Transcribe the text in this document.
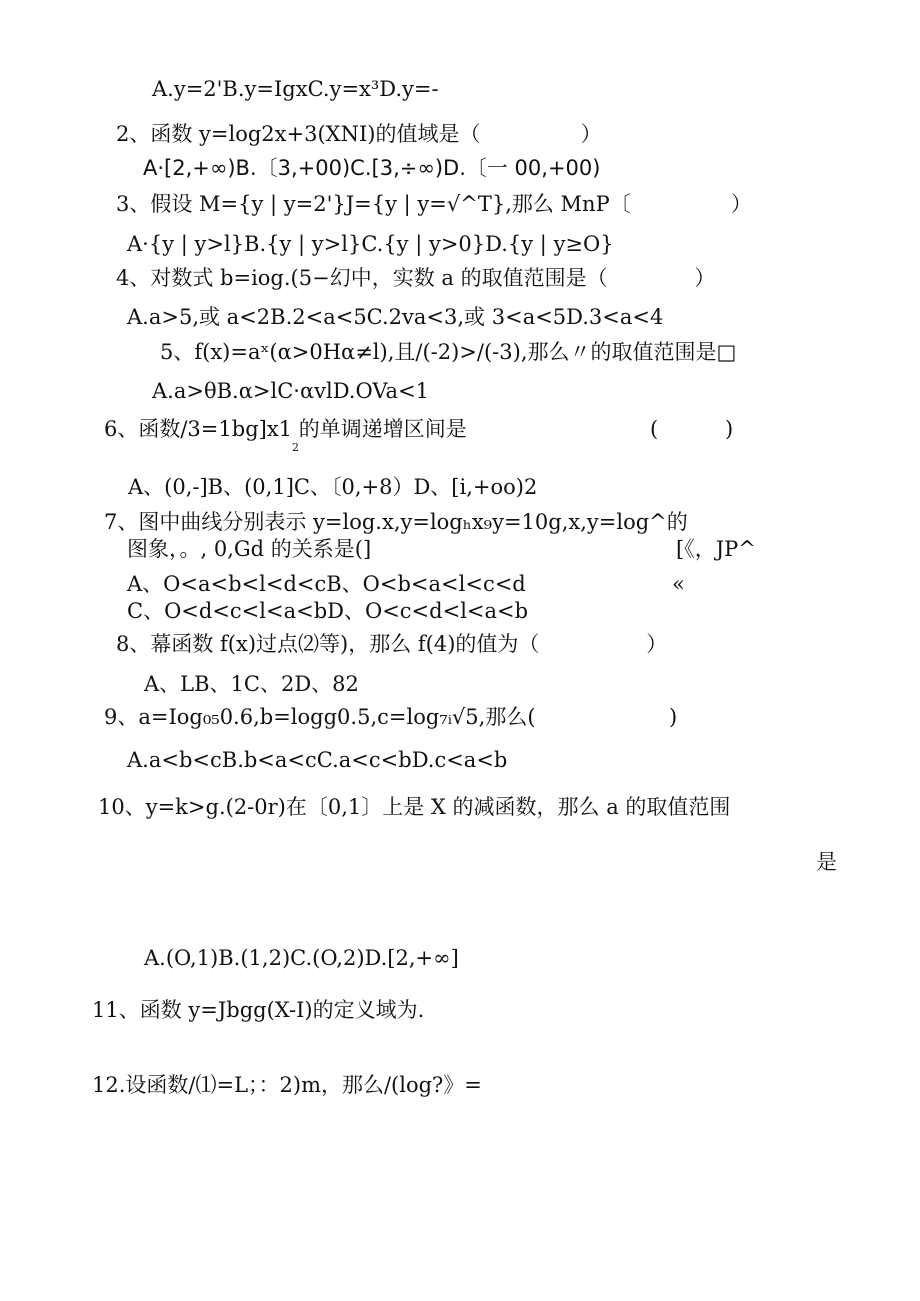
A.y=2'B.y=IgxC.y=x³D.y=-
2、函数 y=log2x+3(XNI)的值域是（               ）
A·[2,+∞)B.〔3,+00)C.[3,÷∞)D.〔一 00,+00)
3、假设 M={y | y=2'}J={y | y=√^T},那么 MnP〔               ）
A·{y | y>l}B.{y | y>l}C.{y | y>0}D.{y | y≥O}
4、对数式 b=iog.(5−幻中，实数 a 的取值范围是（             ）
A.a>5,或 a<2B.2<a<5C.2va<3,或 3<a<5D.3<a<4
5、f(x)=aˣ(α>0Hα≠l),且/(-2)>/(-3),那么〃的取值范围是□
A.a>θB.α>lC·αvlD.OVa<1
6、函数/3=1bg]x1 的单调递增区间是	(          )
2
A、(0,-]B、(0,1]C、〔0,+8）D、[i,+oo)2
7、图中曲线分别表示 y=log.x,y=logₕx₉y=10g,x,y=log^的
图象，。, 0,Gd 的关系是(]	[《，JP^
A、O<a<b<l<d<cB、O<b<a<l<c<d	«
C、O<d<c<l<a<bD、O<c<d<l<a<b
8、幕函数 f(x)过点⑵等)，那么 f(4)的值为（                ）
A、LB、1C、2D、82
9、a=Iog₀₅0.6,b=logg0.5,c=log₇ᵢ√5,那么(                    )
A.a<b<cB.b<a<cC.a<c<bD.c<a<b
10、y=k>g.(2-0r)在〔0,1〕上是 X 的减函数，那么 a 的取值范围
是
A.(O,1)B.(1,2)C.(O,2)D.[2,+∞]
11、函数 y=Jbgg(X-I)的定义域为.
12.设函数/⑴=L；：2)m，那么/(log?》=
